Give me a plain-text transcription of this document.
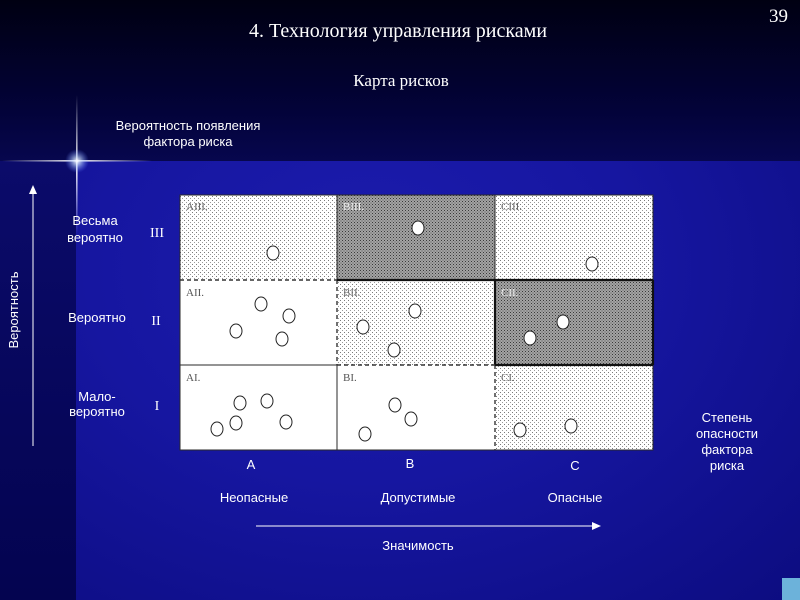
AIII.	BIII.	CIII.
AII.	BII.	CII.
AI.	BI.	CI.
4. Технология управления рисками
Карта рисков
39
Вероятность появления
фактора риска
Вероятность
Весьма
вероятно	III
Вероятно	II
Мало-
вероятно	I
A	B	C
Неопасные	Допустимые	Опасные
Значимость
Степень
опасности
фактора
риска
